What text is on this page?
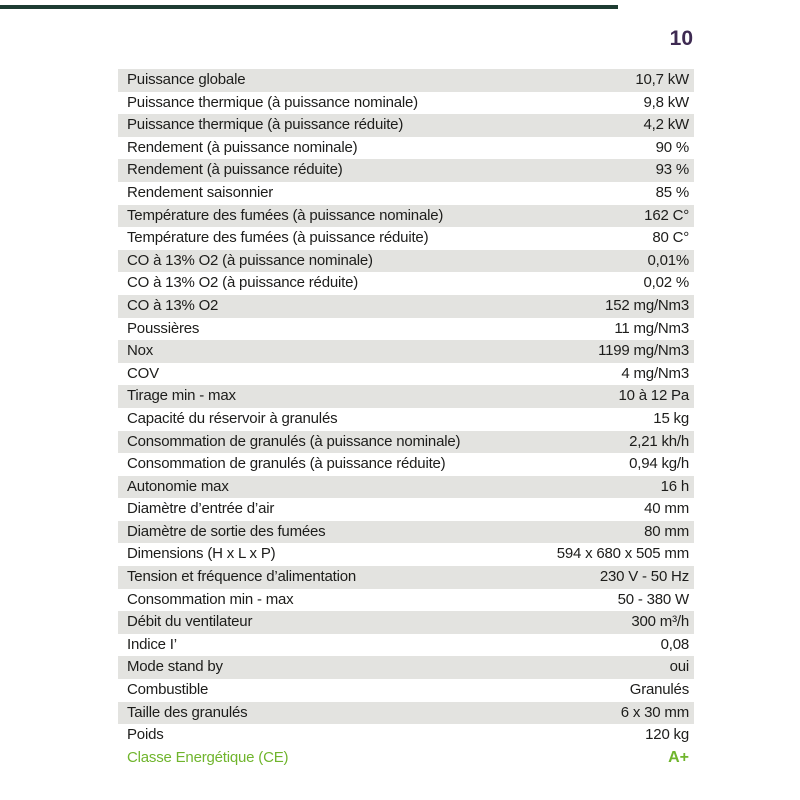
10
Puissance globale	10,7 kW
Puissance thermique (à puissance nominale)	9,8 kW
Puissance thermique (à puissance réduite)	4,2 kW
Rendement (à puissance nominale)	90 %
Rendement (à puissance réduite)	93 %
Rendement saisonnier	85 %
Température des fumées (à puissance nominale)	162 C°
Température des fumées (à puissance réduite)	80 C°
CO à 13% O2 (à puissance nominale)	0,01%
CO à 13% O2 (à puissance réduite)	0,02 %
CO à 13% O2	152 mg/Nm3
Poussières	11 mg/Nm3
Nox	1199 mg/Nm3
COV	4 mg/Nm3
Tirage min - max	10 à 12 Pa
Capacité du réservoir à granulés	15 kg
Consommation de granulés (à puissance nominale)	2,21 kh/h
Consommation de granulés (à puissance réduite)	0,94 kg/h
Autonomie max	16 h
Diamètre d’entrée d’air	40 mm
Diamètre de sortie des fumées	80 mm
Dimensions (H x L x P)	594 x 680 x 505 mm
Tension et fréquence d’alimentation	230 V - 50 Hz
Consommation min - max	50 - 380 W
Débit du ventilateur	300 m³/h
Indice I’	0,08
Mode stand by	oui
Combustible	Granulés
Taille des granulés	6 x 30 mm
Poids	120 kg
Classe Energétique (CE)	A+
